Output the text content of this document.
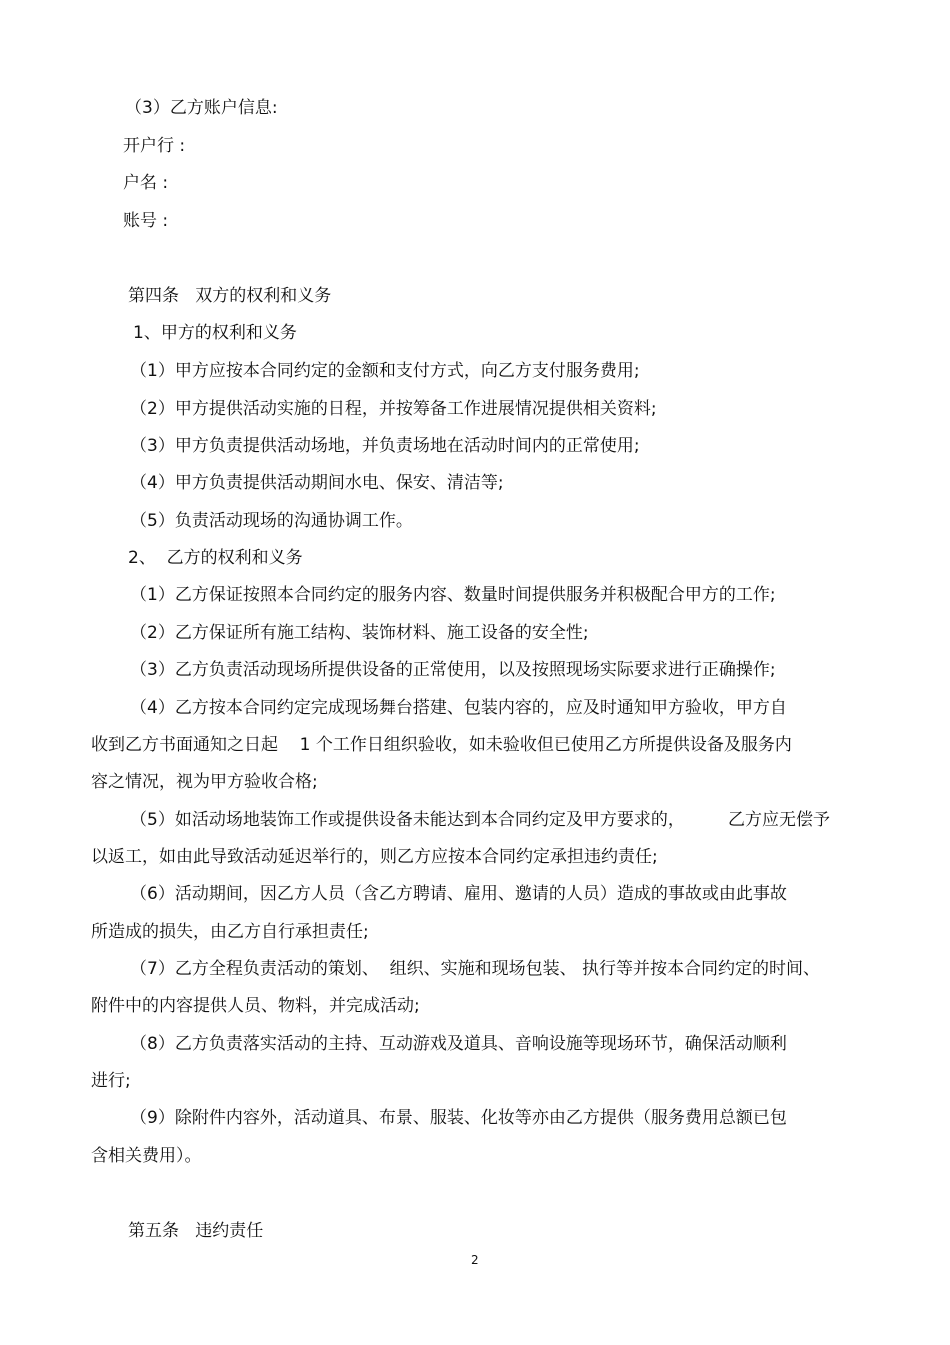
（3）乙方账户信息:
开户行 :
户名 :
账号 :
第四条   双方的权利和义务
1、甲方的权利和义务
（1）甲方应按本合同约定的金额和支付方式，向乙方支付服务费用;
（2）甲方提供活动实施的日程，并按筹备工作进展情况提供相关资料;
（3）甲方负责提供活动场地，并负责场地在活动时间内的正常使用;
（4）甲方负责提供活动期间水电、保安、清洁等;
（5）负责活动现场的沟通协调工作。
2、  乙方的权利和义务
（1）乙方保证按照本合同约定的服务内容、数量时间提供服务并积极配合甲方的工作;
（2）乙方保证所有施工结构、装饰材料、施工设备的安全性;
（3）乙方负责活动现场所提供设备的正常使用，以及按照现场实际要求进行正确操作;
（4）乙方按本合同约定完成现场舞台搭建、包装内容的，应及时通知甲方验收，甲方自
收到乙方书面通知之日起    1 个工作日组织验收，如未验收但已使用乙方所提供设备及服务内
容之情况，视为甲方验收合格;
（5）如活动场地装饰工作或提供设备未能达到本合同约定及甲方要求的，        乙方应无偿予
以返工，如由此导致活动延迟举行的，则乙方应按本合同约定承担违约责任;
（6）活动期间，因乙方人员（含乙方聘请、雇用、邀请的人员）造成的事故或由此事故
所造成的损失，由乙方自行承担责任;
（7）乙方全程负责活动的策划、  组织、实施和现场包装、 执行等并按本合同约定的时间、
附件中的内容提供人员、物料，并完成活动;
（8）乙方负责落实活动的主持、互动游戏及道具、音响设施等现场环节，确保活动顺利
进行;
（9）除附件内容外，活动道具、布景、服装、化妆等亦由乙方提供（服务费用总额已包
含相关费用）。
第五条   违约责任
2
